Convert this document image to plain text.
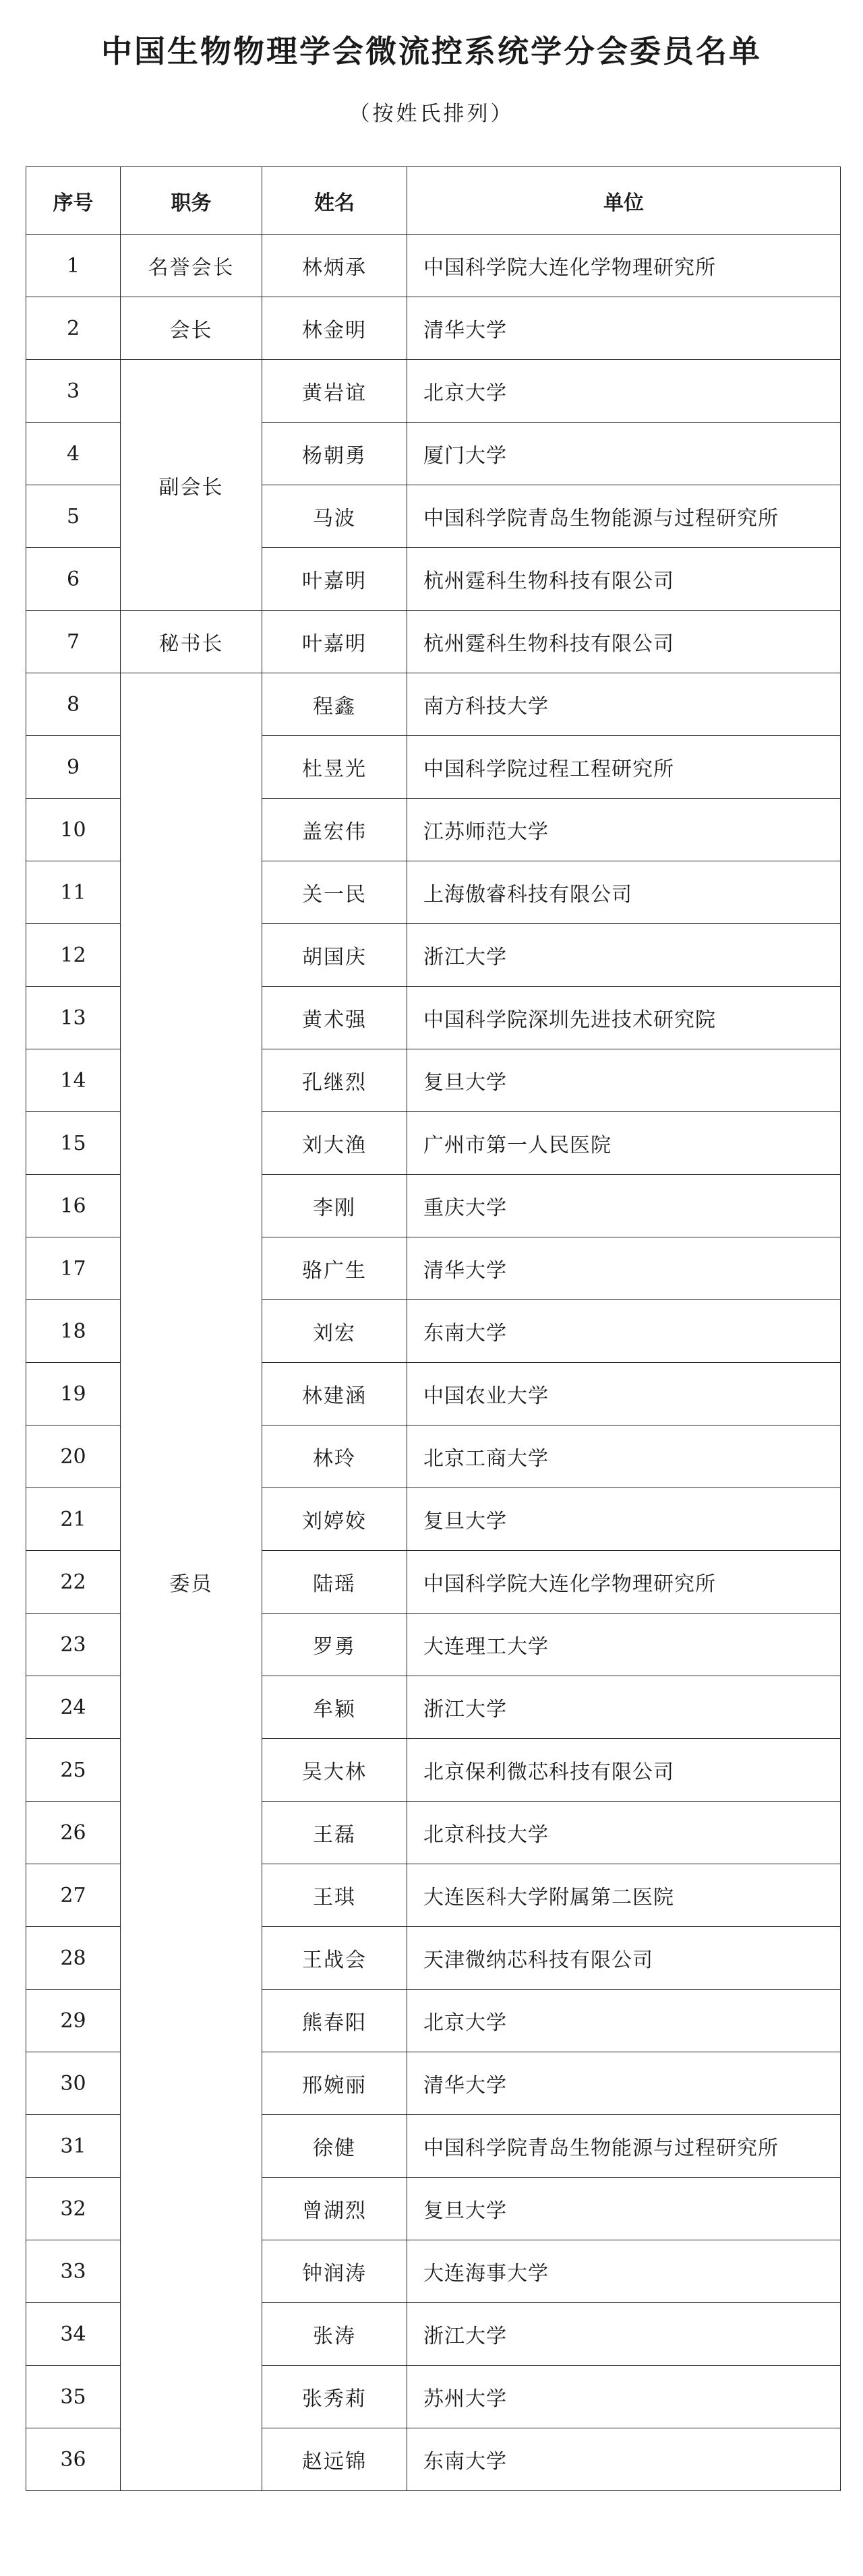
中国生物物理学会微流控系统学分会委员名单
（按姓氏排列）
序号	职务	姓名	单位
1	名誉会长	林炳承	中国科学院大连化学物理研究所
2	会长	林金明	清华大学
3	副会长	黄岩谊	北京大学
4		杨朝勇	厦门大学
5		马波	中国科学院青岛生物能源与过程研究所
6		叶嘉明	杭州霆科生物科技有限公司
7	秘书长	叶嘉明	杭州霆科生物科技有限公司
8	委员	程鑫	南方科技大学
9		杜昱光	中国科学院过程工程研究所
10		盖宏伟	江苏师范大学
11		关一民	上海傲睿科技有限公司
12		胡国庆	浙江大学
13		黄术强	中国科学院深圳先进技术研究院
14		孔继烈	复旦大学
15		刘大渔	广州市第一人民医院
16		李刚	重庆大学
17		骆广生	清华大学
18		刘宏	东南大学
19		林建涵	中国农业大学
20		林玲	北京工商大学
21		刘婷姣	复旦大学
22		陆瑶	中国科学院大连化学物理研究所
23		罗勇	大连理工大学
24		牟颖	浙江大学
25		吴大林	北京保利微芯科技有限公司
26		王磊	北京科技大学
27		王琪	大连医科大学附属第二医院
28		王战会	天津微纳芯科技有限公司
29		熊春阳	北京大学
30		邢婉丽	清华大学
31		徐健	中国科学院青岛生物能源与过程研究所
32		曾湖烈	复旦大学
33		钟润涛	大连海事大学
34		张涛	浙江大学
35		张秀莉	苏州大学
36		赵远锦	东南大学
